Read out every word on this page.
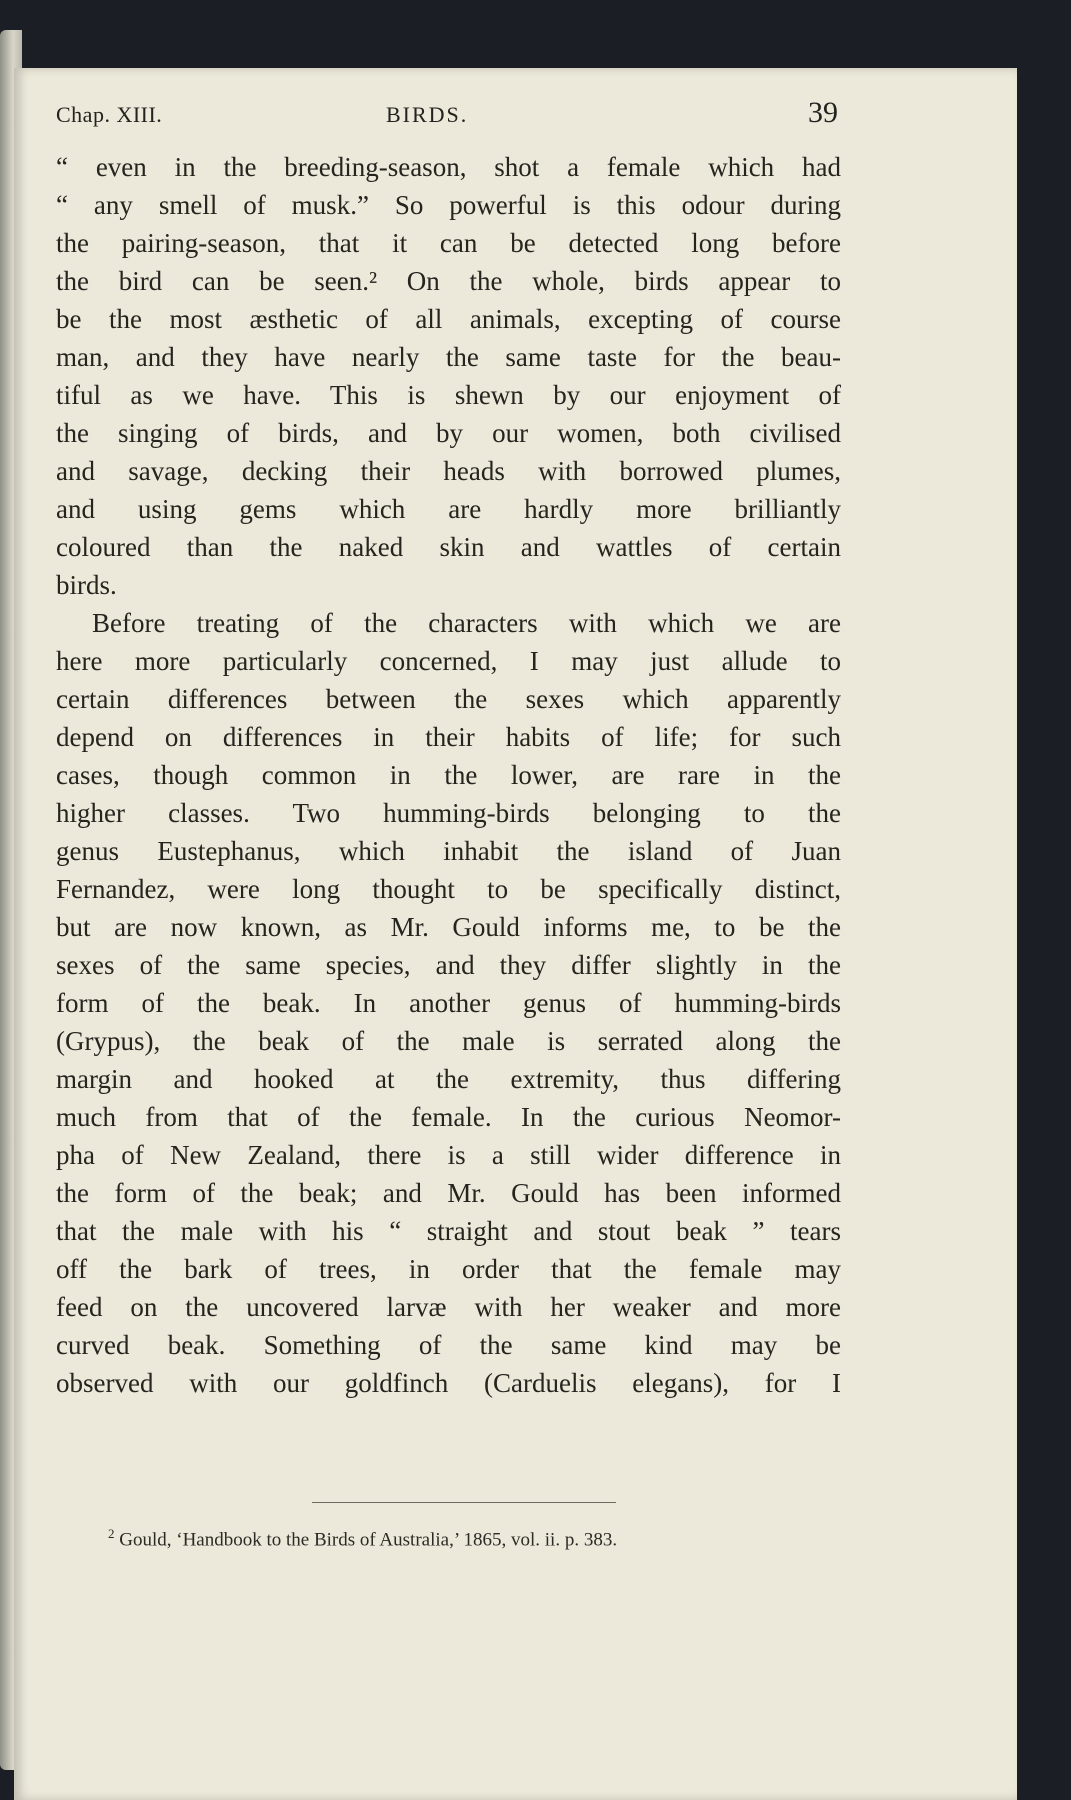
Chap. XIII.	BIRDS.	39
“ even in the breeding-season, shot a female which had
“ any smell of musk.” So powerful is this odour during
the pairing-season, that it can be detected long before
the bird can be seen.² On the whole, birds appear to
be the most æsthetic of all animals, excepting of course
man, and they have nearly the same taste for the beau-
tiful as we have. This is shewn by our enjoyment of
the singing of birds, and by our women, both civilised
and savage, decking their heads with borrowed plumes,
and using gems which are hardly more brilliantly
coloured than the naked skin and wattles of certain
birds.
Before treating of the characters with which we are
here more particularly concerned, I may just allude to
certain differences between the sexes which apparently
depend on differences in their habits of life; for such
cases, though common in the lower, are rare in the
higher classes. Two humming-birds belonging to the
genus Eustephanus, which inhabit the island of Juan
Fernandez, were long thought to be specifically distinct,
but are now known, as Mr. Gould informs me, to be the
sexes of the same species, and they differ slightly in the
form of the beak. In another genus of humming-birds
(Grypus), the beak of the male is serrated along the
margin and hooked at the extremity, thus differing
much from that of the female. In the curious Neomor-
pha of New Zealand, there is a still wider difference in
the form of the beak; and Mr. Gould has been informed
that the male with his “ straight and stout beak ” tears
off the bark of trees, in order that the female may
feed on the uncovered larvæ with her weaker and more
curved beak. Something of the same kind may be
observed with our goldfinch (Carduelis elegans), for I
$^2$ Gould, ‘Handbook to the Birds of Australia,’ 1865, vol. ii. p. 383.
